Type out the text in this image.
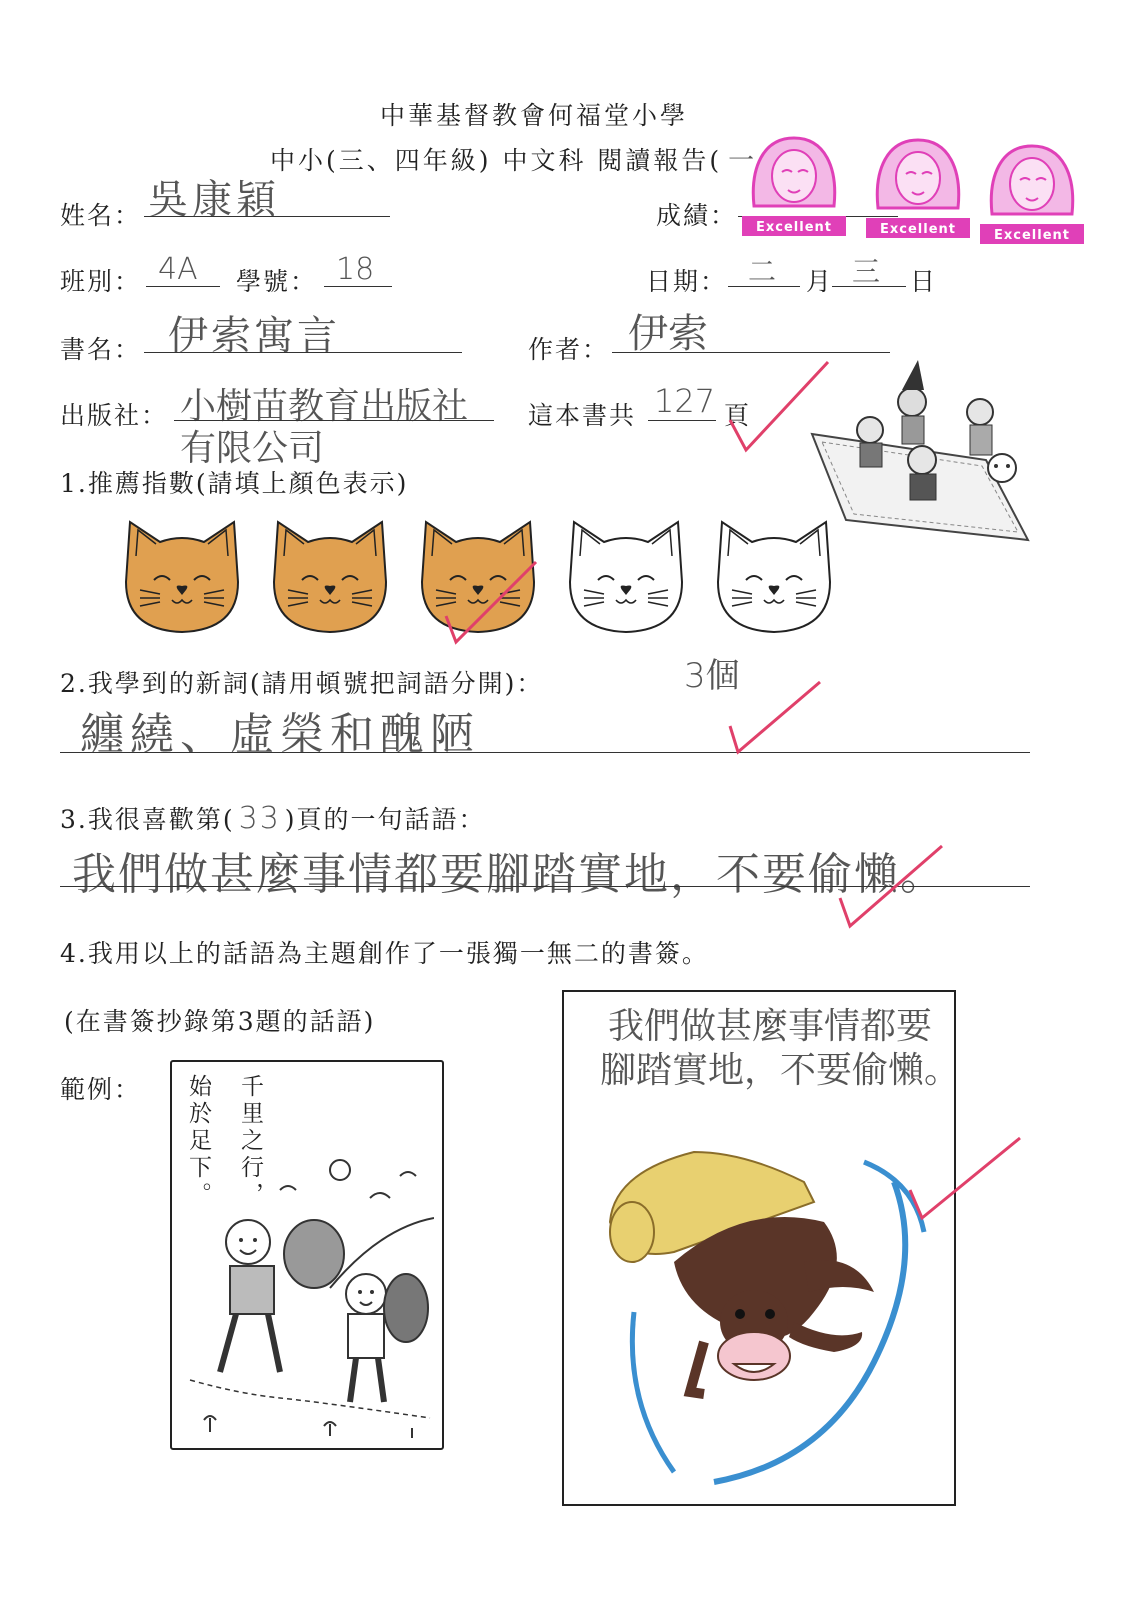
中華基督教會何福堂小學
中小(三、四年級) 中文科 閱讀報告( 一
姓名： 吳康穎	成績： Excellent	Excellent	Excellent
班別： 4A 學號： 18	日期： 二 月 三 日
書名： 伊索寓言	作者： 伊索
出版社： 小樹苗教育出版社
有限公司
這本書共 127 頁
1.推薦指數(請填上顏色表示)
2.我學到的新詞(請用頓號把詞語分開)：	3個
纏繞、虛榮和醜陋
3.我很喜歡第( 33 )頁的一句話語：
我們做甚麼事情都要腳踏實地，不要偷懶。
4.我用以上的話語為主題創作了一張獨一無二的書簽。
(在書簽抄錄第3題的話語)
範例：	千里之行，
始於足下。
我們做甚麼事情都要
腳踏實地，不要偷懶。
